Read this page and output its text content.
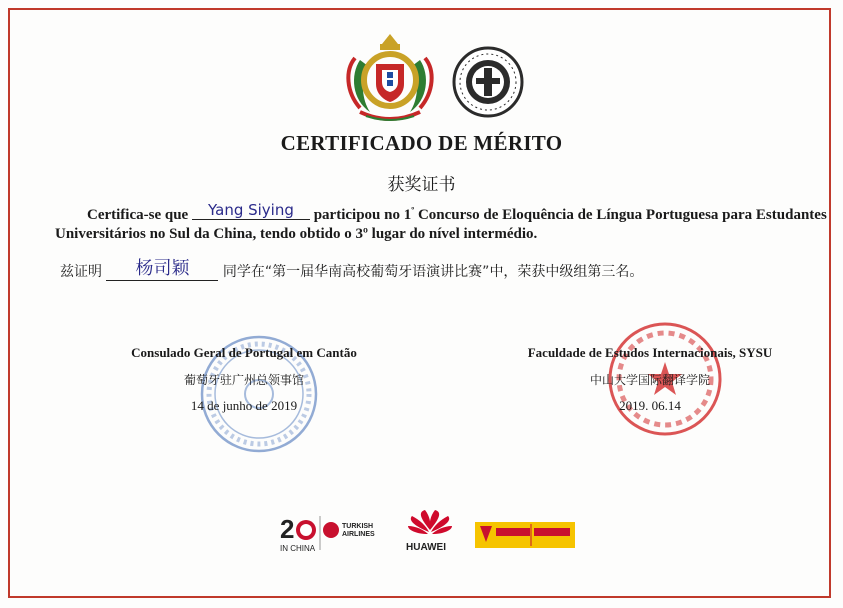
CERTIFICADO DE MÉRITO
获奖证书
Certifica-se que Yang Siying participou no $1^º$ Concurso de Eloquência de Língua Portuguesa para Estudantes
Universitários no Sul da China, tendo obtido o 3º lugar do nível intermédio.
兹证明 杨司颖 同学在“第一届华南高校葡萄牙语演讲比赛”中，荣获中级组第三名。
Consulado Geral de Portugal em Cantão
葡萄牙驻广州总领事馆
14 de junho de 2019
Faculdade de Estudos Internacionais, SYSU
中山大学国际翻译学院
2019. 06.14
2
IN CHINA
TURKISH
AIRLINES
HUAWEI
